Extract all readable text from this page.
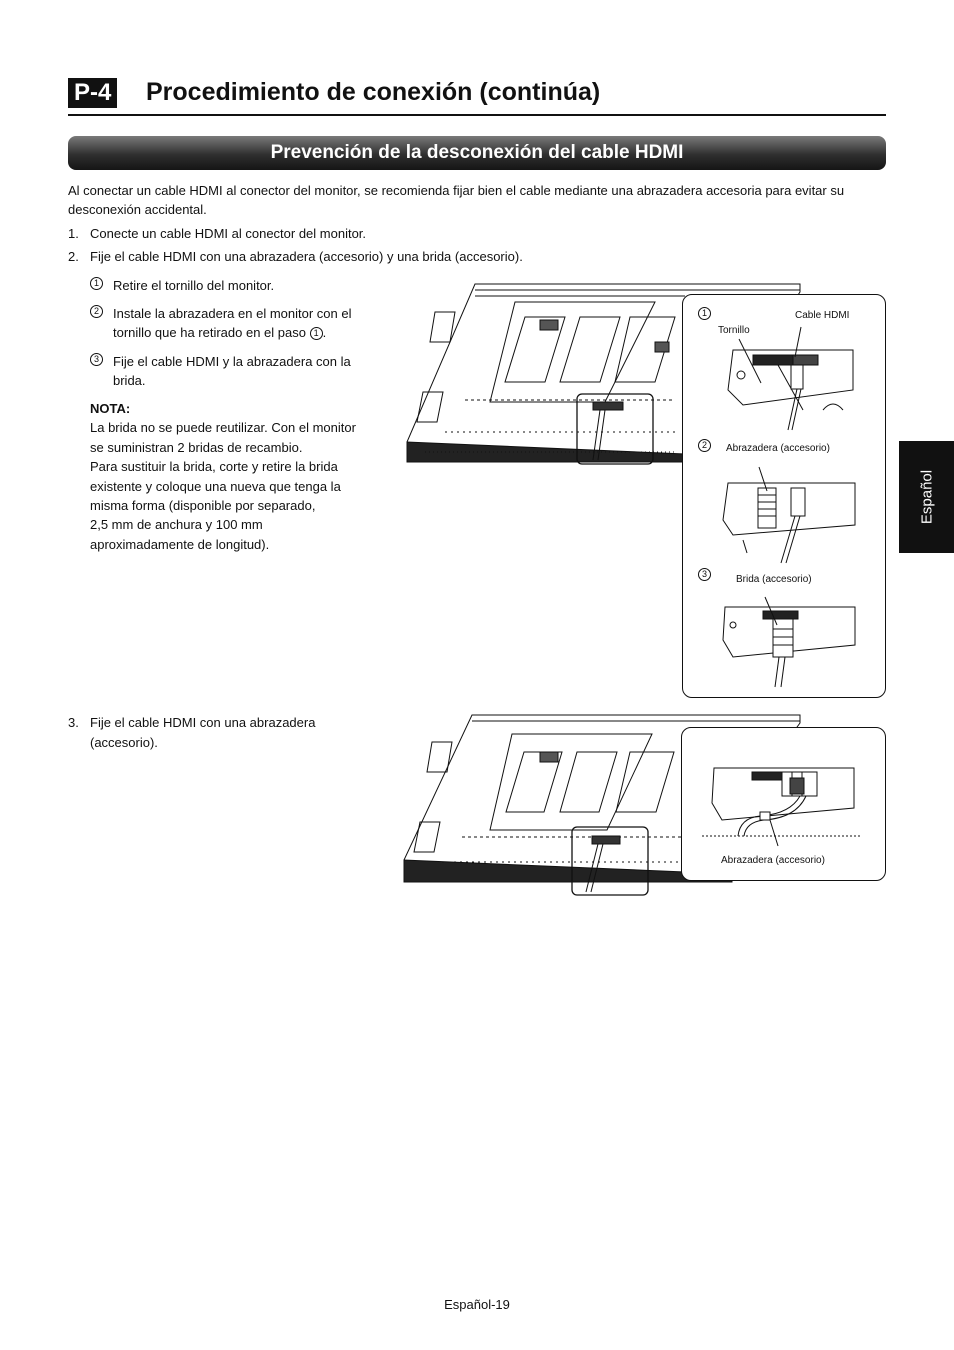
P-4 Procedimiento de conexión (continúa)
Prevención de la desconexión del cable HDMI
Al conectar un cable HDMI al conector del monitor, se recomienda fijar bien el cable mediante una abrazadera accesoria para evitar su desconexión accidental.
1. Conecte un cable HDMI al conector del monitor.
2. Fije el cable HDMI con una abrazadera (accesorio) y una brida (accesorio).
1	Retire el tornillo del monitor.
2	Instale la abrazadera en el monitor con el tornillo que ha retirado en el paso 1 .
3	Fije el cable HDMI y la abrazadera con la brida.
NOTA:
La brida no se puede reutilizar. Con el monitor
se suministran 2 bridas de recambio.
Para sustituir la brida, corte y retire la brida
existente y coloque una nueva que tenga la
misma forma (disponible por separado,
2,5 mm de anchura y 100 mm
aproximadamente de longitud).
1
2
3
Tornillo
Cable HDMI
Abrazadera (accesorio)
Brida (accesorio)
3. Fije el cable HDMI con una abrazadera
(accesorio).
Abrazadera (accesorio)
Español
Español-19
